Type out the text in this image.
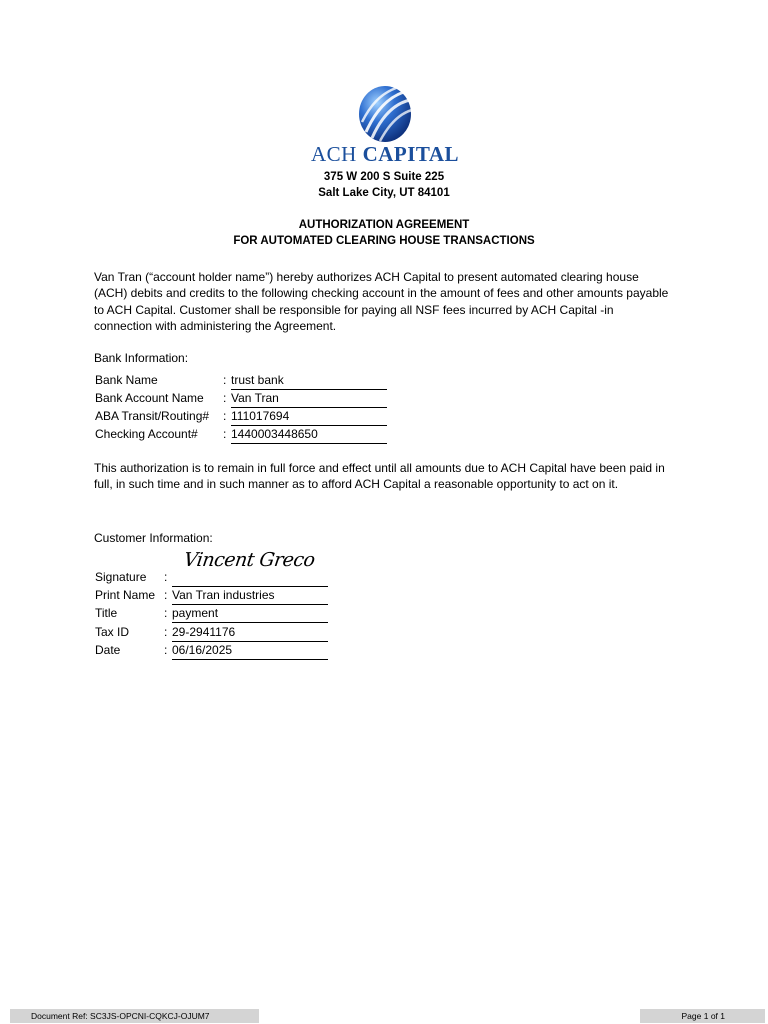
ACH CAPITAL
375 W 200 S Suite 225
Salt Lake City, UT 84101
AUTHORIZATION AGREEMENT
FOR AUTOMATED CLEARING HOUSE TRANSACTIONS
Van Tran (“account holder name”) hereby authorizes ACH Capital to present automated clearing house (ACH) debits and credits to the following checking account in the amount of fees and other amounts payable to ACH Capital. Customer shall be responsible for paying all NSF fees incurred by ACH Capital -in connection with administering the Agreement.
Bank Information:
Bank Name	: trust bank
Bank Account Name : Van Tran
ABA Transit/Routing# : 111017694
Checking Account# : 1440003448650
This authorization is to remain in full force and effect until all amounts due to ACH Capital have been paid in full, in such time and in such manner as to afford ACH Capital a reasonable opportunity to act on it.
Customer Information:
Vincent Greco
Signature :
Print Name : Van Tran industries
Title	: payment
Tax ID	: 29-2941176
Date	: 06/16/2025
Document Ref: SC3JS-OPCNI-CQKCJ-OJUM7	Page 1 of 1
